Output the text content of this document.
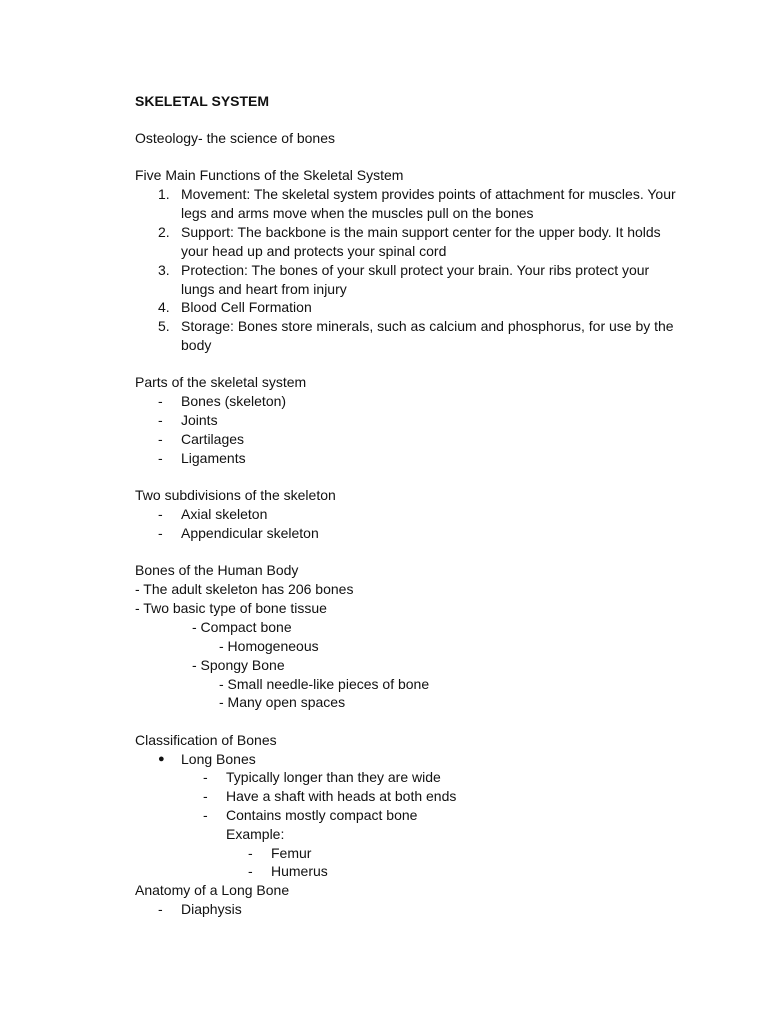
SKELETAL SYSTEM
Osteology- the science of bones
Five Main Functions of the Skeletal System
1. Movement: The skeletal system provides points of attachment for muscles. Your
legs and arms move when the muscles pull on the bones
2. Support: The backbone is the main support center for the upper body. It holds
your head up and protects your spinal cord
3. Protection: The bones of your skull protect your brain. Your ribs protect your
lungs and heart from injury
4. Blood Cell Formation
5. Storage: Bones store minerals, such as calcium and phosphorus, for use by the
body
Parts of the skeletal system
- Bones (skeleton)
- Joints
- Cartilages
- Ligaments
Two subdivisions of the skeleton
- Axial skeleton
- Appendicular skeleton
Bones of the Human Body
- The adult skeleton has 206 bones
- Two basic type of bone tissue
- Compact bone
- Homogeneous
- Spongy Bone
- Small needle-like pieces of bone
- Many open spaces
Classification of Bones
● Long Bones
- Typically longer than they are wide
- Have a shaft with heads at both ends
- Contains mostly compact bone
Example:
- Femur
- Humerus
Anatomy of a Long Bone
- Diaphysis
